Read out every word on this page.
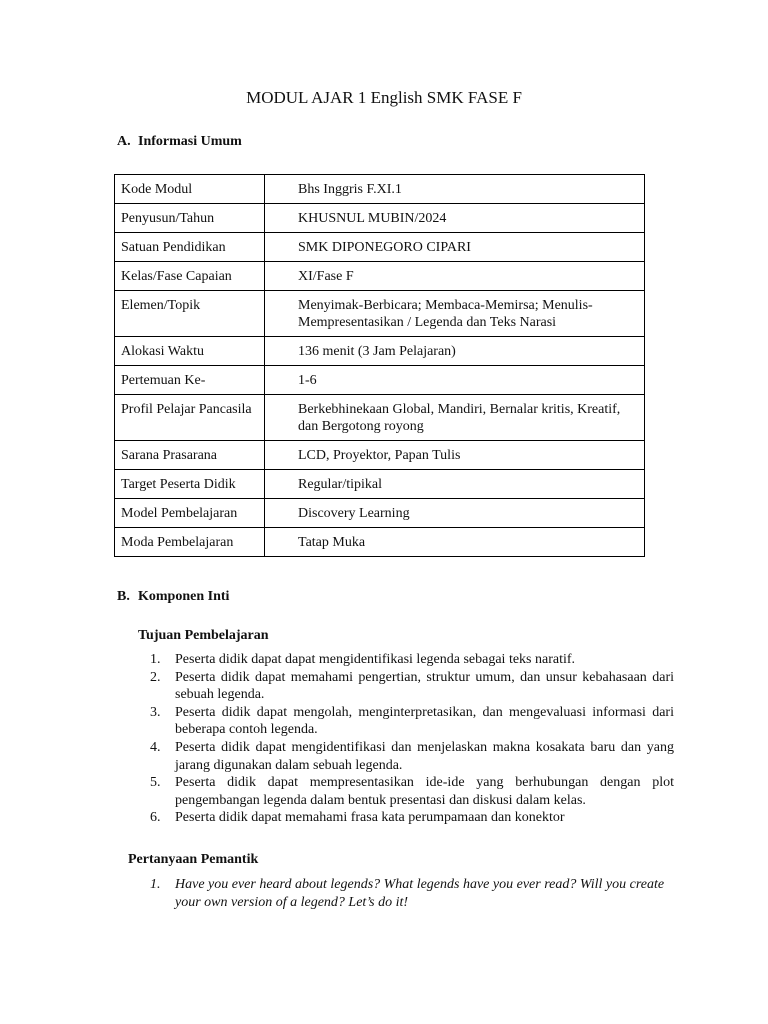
MODUL AJAR 1 English SMK FASE F
A. Informasi Umum
Kode Modul	Bhs Inggris F.XI.1
Penyusun/Tahun	KHUSNUL MUBIN/2024
Satuan Pendidikan	SMK DIPONEGORO CIPARI
Kelas/Fase Capaian	XI/Fase F
Elemen/Topik	Menyimak-Berbicara; Membaca-Memirsa; Menulis-Mempresentasikan / Legenda dan Teks Narasi
Alokasi Waktu	136 menit (3 Jam Pelajaran)
Pertemuan Ke-	1-6
Profil Pelajar Pancasila	Berkebhinekaan Global, Mandiri, Bernalar kritis, Kreatif, dan Bergotong royong
Sarana Prasarana	LCD, Proyektor, Papan Tulis
Target Peserta Didik	Regular/tipikal
Model Pembelajaran	Discovery Learning
Moda Pembelajaran	Tatap Muka
B. Komponen Inti
Tujuan Pembelajaran
1. Peserta didik dapat dapat mengidentifikasi legenda sebagai teks naratif.
2. Peserta didik dapat memahami pengertian, struktur umum, dan unsur kebahasaan dari sebuah legenda.
3. Peserta didik dapat mengolah, menginterpretasikan, dan mengevaluasi informasi dari beberapa contoh legenda.
4. Peserta didik dapat mengidentifikasi dan menjelaskan makna kosakata baru dan yang jarang digunakan dalam sebuah legenda.
5. Peserta didik dapat mempresentasikan ide-ide yang berhubungan dengan plot pengembangan legenda dalam bentuk presentasi dan diskusi dalam kelas.
6. Peserta didik dapat memahami frasa kata perumpamaan dan konektor
Pertanyaan Pemantik
1. Have you ever heard about legends? What legends have you ever read? Will you create your own version of a legend? Let’s do it!
